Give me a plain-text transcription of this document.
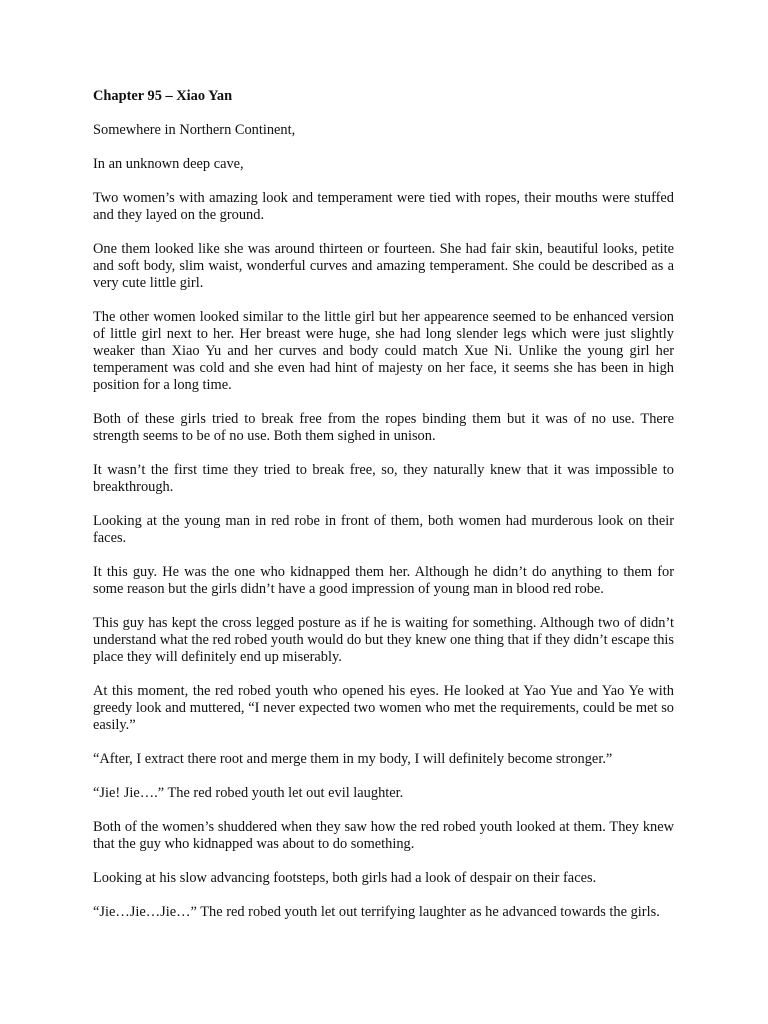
Chapter 95 – Xiao Yan

Somewhere in Northern Continent,

In an unknown deep cave,

Two women’s with amazing look and temperament were tied with ropes, their mouths were stuffed and they layed on the ground.

One them looked like she was around thirteen or fourteen. She had fair skin, beautiful looks, petite and soft body, slim waist, wonderful curves and amazing temperament. She could be described as a very cute little girl.

The other women looked similar to the little girl but her appearence seemed to be enhanced version of little girl next to her. Her breast were huge, she had long slender legs which were just slightly weaker than Xiao Yu and her curves and body could match Xue Ni. Unlike the young girl her temperament was cold and she even had hint of majesty on her face, it seems she has been in high position for a long time.

Both of these girls tried to break free from the ropes binding them but it was of no use. There strength seems to be of no use. Both them sighed in unison.

It wasn’t the first time they tried to break free, so, they naturally knew that it was impossible to breakthrough.

Looking at the young man in red robe in front of them, both women had murderous look on their faces.

It this guy. He was the one who kidnapped them her. Although he didn’t do anything to them for some reason but the girls didn’t have a good impression of young man in blood red robe.

This guy has kept the cross legged posture as if he is waiting for something. Although two of didn’t understand what the red robed youth would do but they knew one thing that if they didn’t escape this place they will definitely end up miserably.

At this moment, the red robed youth who opened his eyes. He looked at Yao Yue and Yao Ye with greedy look and muttered, “I never expected two women who met the requirements, could be met so easily.”

“After, I extract there root and merge them in my body, I will definitely become stronger.”

“Jie! Jie….” The red robed youth let out evil laughter.

Both of the women’s shuddered when they saw how the red robed youth looked at them. They knew that the guy who kidnapped was about to do something.

Looking at his slow advancing footsteps, both girls had a look of despair on their faces.

“Jie…Jie…Jie…” The red robed youth let out terrifying laughter as he advanced towards the girls.
